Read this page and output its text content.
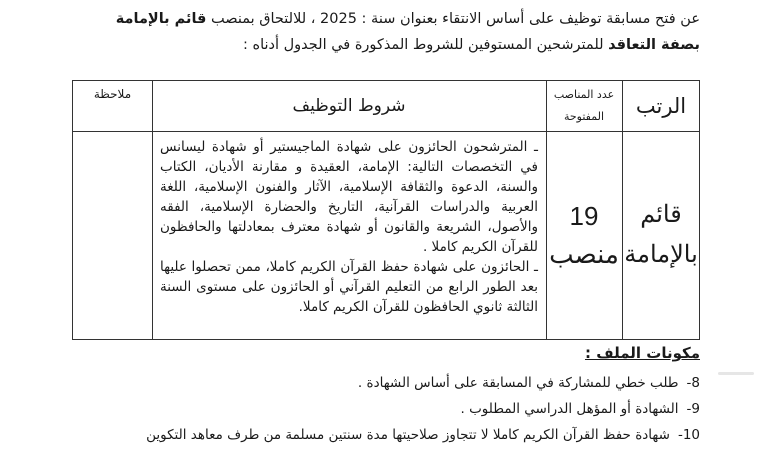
عن فتح مسابقة توظيف على أساس الانتقاء بعنوان سنة : 2025 ، للالتحاق بمنصب قائم بالإمامة
بصفة التعاقد للمترشحين المستوفين للشروط المذكورة في الجدول أدناه :
الرتب
عدد المناصب
المفتوحة
شروط التوظيف
ملاحظة
قائم
بالإمامة
19
منصب

ـ المترشحون الحائزون على شهادة الماجيستير أو شهادة ليسانس في التخصصات التالية: الإمامة، العقيدة و مقارنة الأديان، الكتاب والسنة، الدعوة والثقافة الإسلامية، الآثار والفنون الإسلامية، اللغة العربية والدراسات القرآنية، التاريخ والحضارة الإسلامية، الفقه والأصول، الشريعة والقانون أو شهادة معترف بمعادلتها والحافظون للقرآن الكريم كاملا .

ـ الحائزون على شهادة حفظ القرآن الكريم كاملا، ممن تحصلوا عليها بعد الطور الرابع من التعليم القرآني أو الحائزون على مستوى السنة الثالثة ثانوي الحافظون للقرآن الكريم كاملا.

مكونات الملف :
8-طلب خطي للمشاركة في المسابقة على أساس الشهادة .
9-الشهادة أو المؤهل الدراسي المطلوب .
10-شهادة حفظ القرآن الكريم كاملا لا تتجاوز صلاحيتها مدة سنتين مسلمة من طرف معاهد التكوين
